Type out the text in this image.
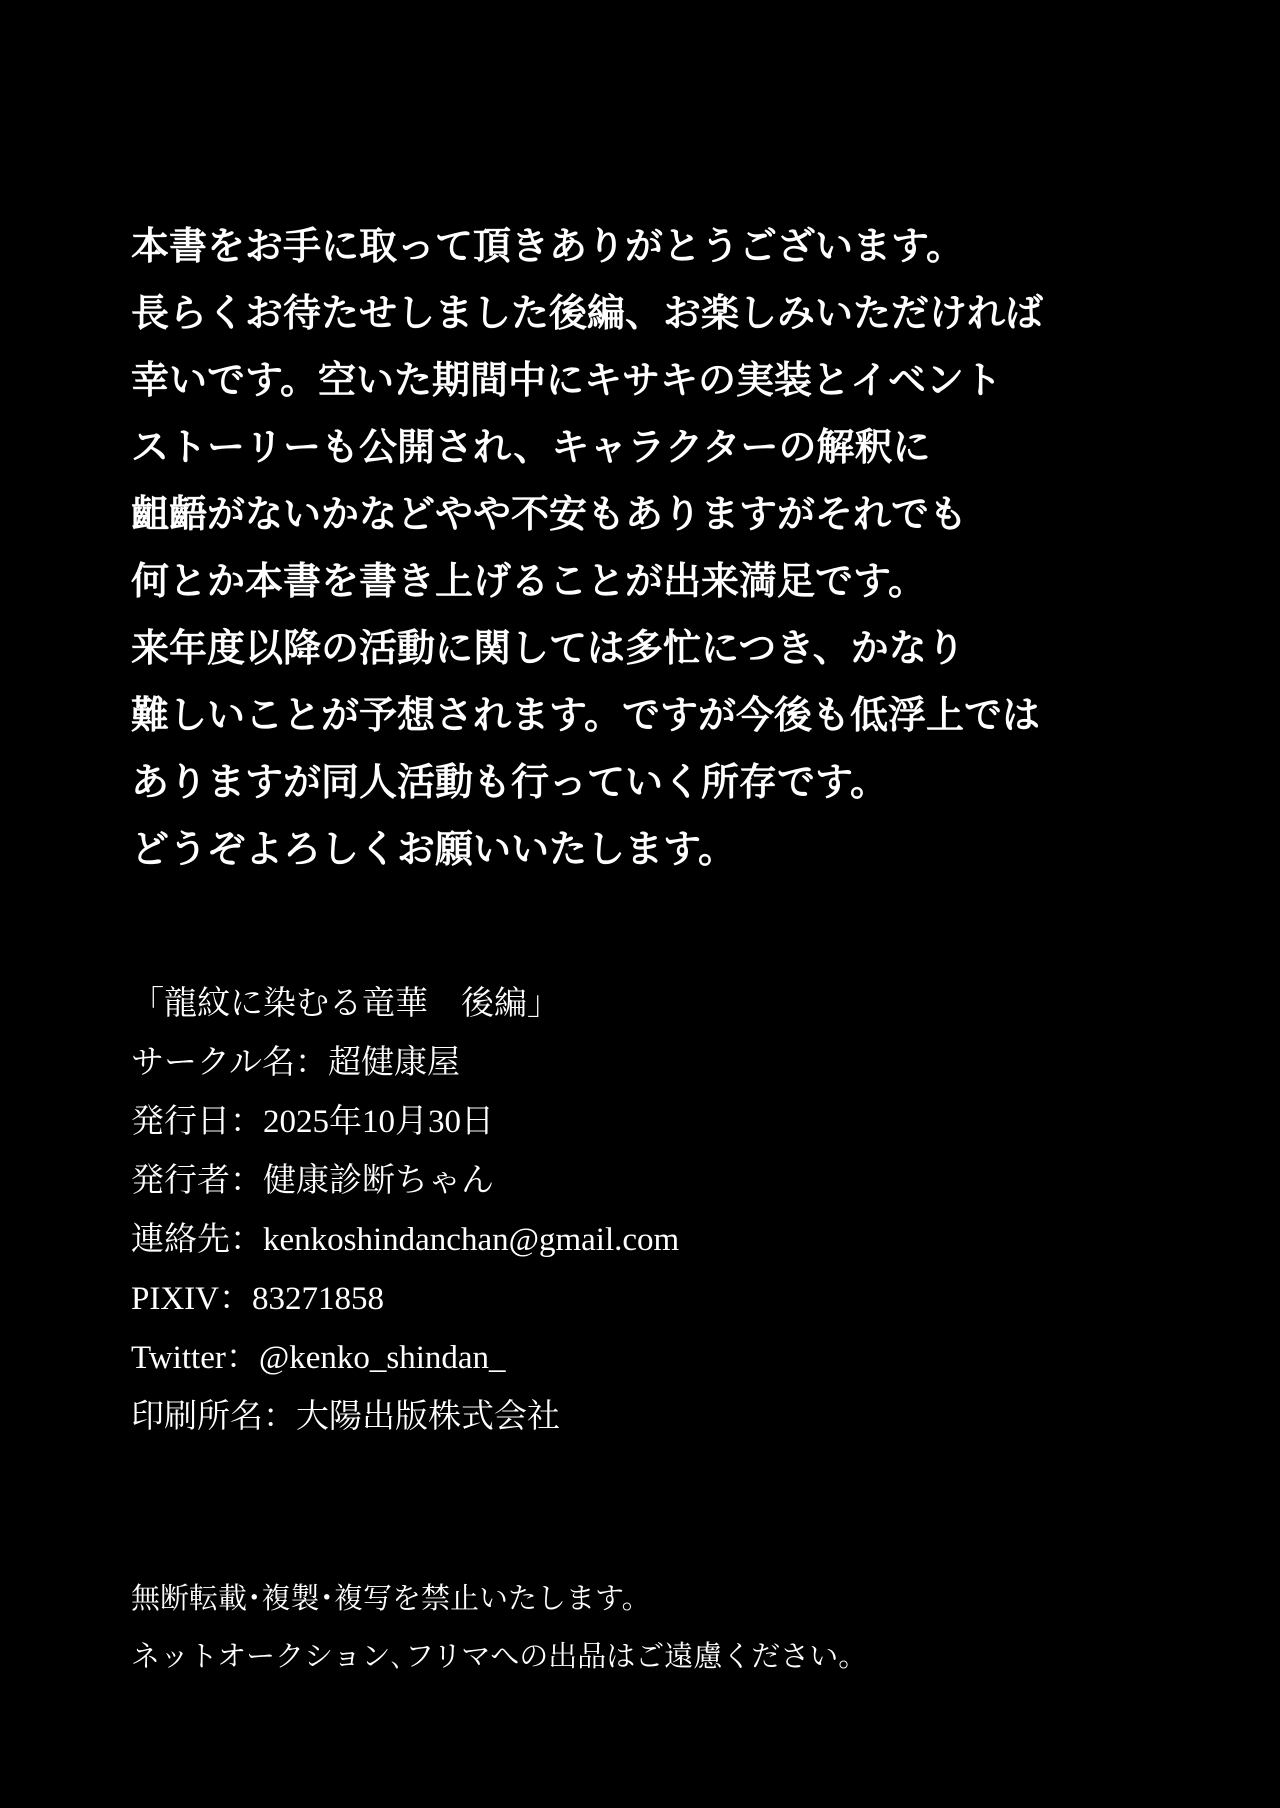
本書をお手に取って頂きありがとうございます。
長らくお待たせしました後編、お楽しみいただければ
幸いです。空いた期間中にキサキの実装とイベント
ストーリーも公開され、キャラクターの解釈に
齟齬がないかなどやや不安もありますがそれでも
何とか本書を書き上げることが出来満足です。
来年度以降の活動に関しては多忙につき、かなり
難しいことが予想されます。ですが今後も低浮上では
ありますが同人活動も行っていく所存です。
どうぞよろしくお願いいたします。
「龍紋に染むる竜華　後編」
サークル名：超健康屋
発行日：2025年10月30日
発行者：健康診断ちゃん
連絡先：kenkoshindanchan@gmail.com
PIXIV：83271858
Twitter：@kenko_shindan_
印刷所名：大陽出版株式会社
無断転載･複製･複写を禁止いたします。
ネットオークション､フリマへの出品はご遠慮ください。
